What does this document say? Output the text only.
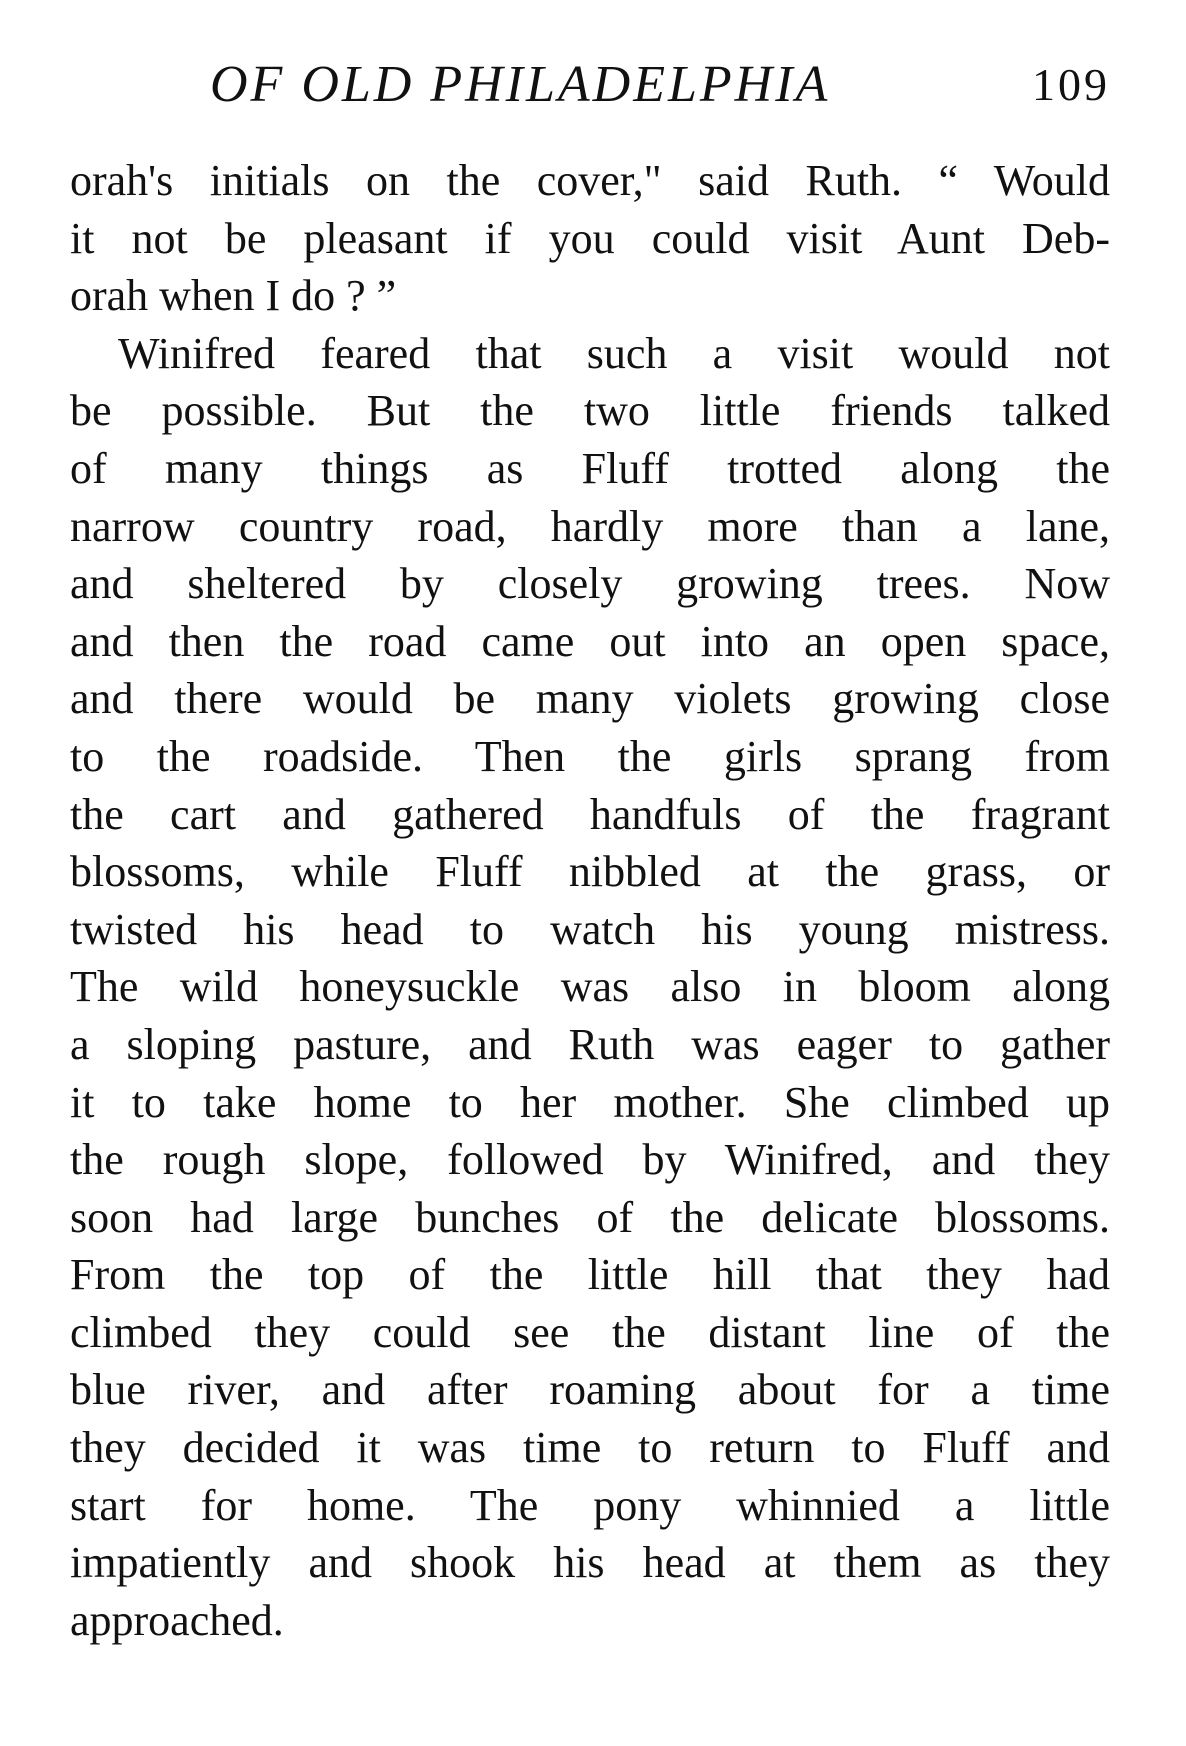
OF OLD PHILADELPHIA	109
orah's initials on the cover," said Ruth. “ Would
it not be pleasant if you could visit Aunt Deb-
orah when I do ? ”
Winifred feared that such a visit would not
be possible. But the two little friends talked
of many things as Fluff trotted along the
narrow country road, hardly more than a lane,
and sheltered by closely growing trees. Now
and then the road came out into an open space,
and there would be many violets growing close
to the roadside. Then the girls sprang from
the cart and gathered handfuls of the fragrant
blossoms, while Fluff nibbled at the grass, or
twisted his head to watch his young mistress.
The wild honeysuckle was also in bloom along
a sloping pasture, and Ruth was eager to gather
it to take home to her mother. She climbed up
the rough slope, followed by Winifred, and they
soon had large bunches of the delicate blossoms.
From the top of the little hill that they had
climbed they could see the distant line of the
blue river, and after roaming about for a time
they decided it was time to return to Fluff and
start for home. The pony whinnied a little
impatiently and shook his head at them as they
approached.
